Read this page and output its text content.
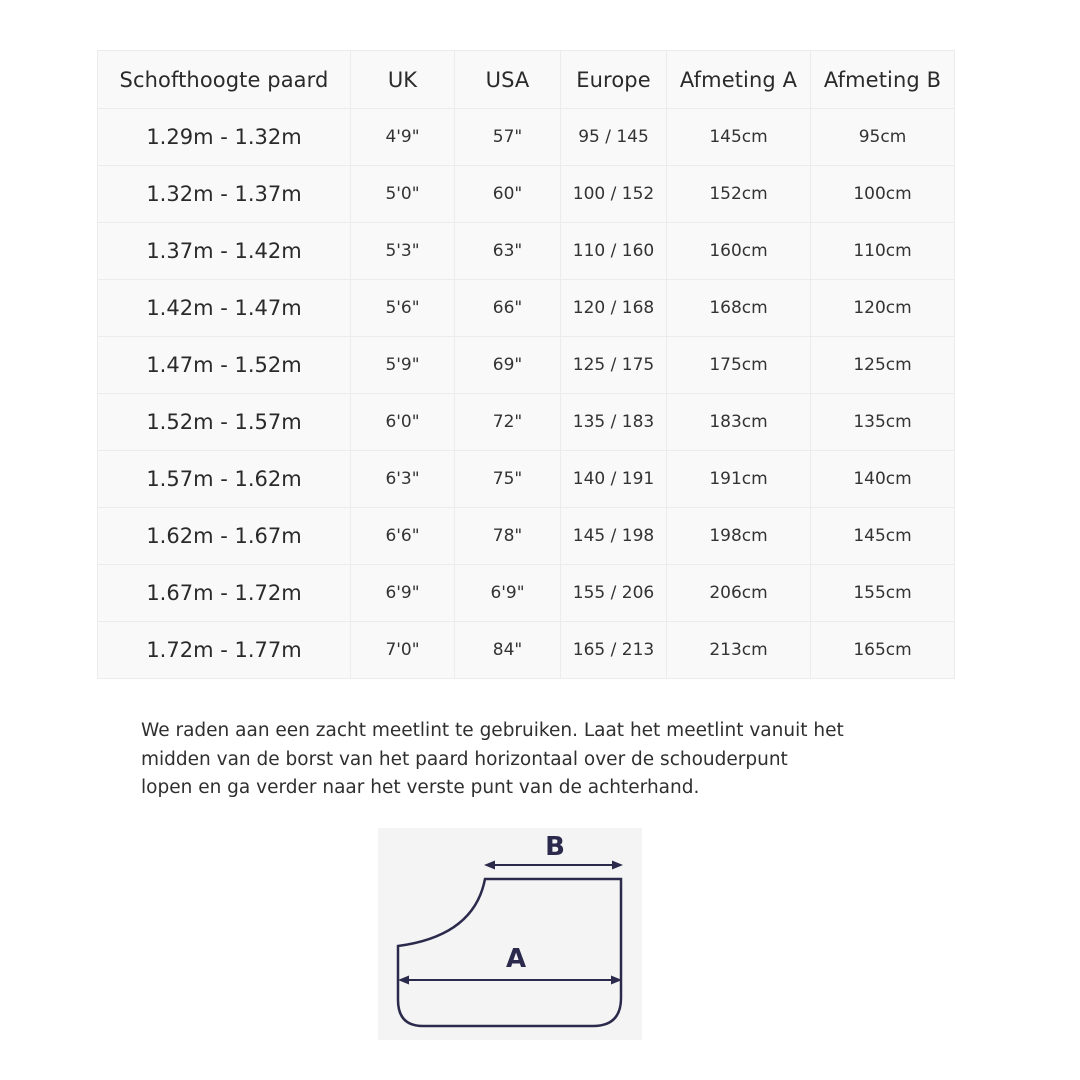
Schofthoogte paard	UK	USA	Europe	Afmeting A	Afmeting B
1.29m - 1.32m	4'9"	57"	95 / 145	145cm	95cm
1.32m - 1.37m	5'0"	60"	100 / 152	152cm	100cm
1.37m - 1.42m	5'3"	63"	110 / 160	160cm	110cm
1.42m - 1.47m	5'6"	66"	120 / 168	168cm	120cm
1.47m - 1.52m	5'9"	69"	125 / 175	175cm	125cm
1.52m - 1.57m	6'0"	72"	135 / 183	183cm	135cm
1.57m - 1.62m	6'3"	75"	140 / 191	191cm	140cm
1.62m - 1.67m	6'6"	78"	145 / 198	198cm	145cm
1.67m - 1.72m	6'9"	6'9"	155 / 206	206cm	155cm
1.72m - 1.77m	7'0"	84"	165 / 213	213cm	165cm

We raden aan een zacht meetlint te gebruiken. Laat het meetlint vanuit het
midden van de borst van het paard horizontaal over de schouderpunt
lopen en ga verder naar het verste punt van de achterhand.

B
A
